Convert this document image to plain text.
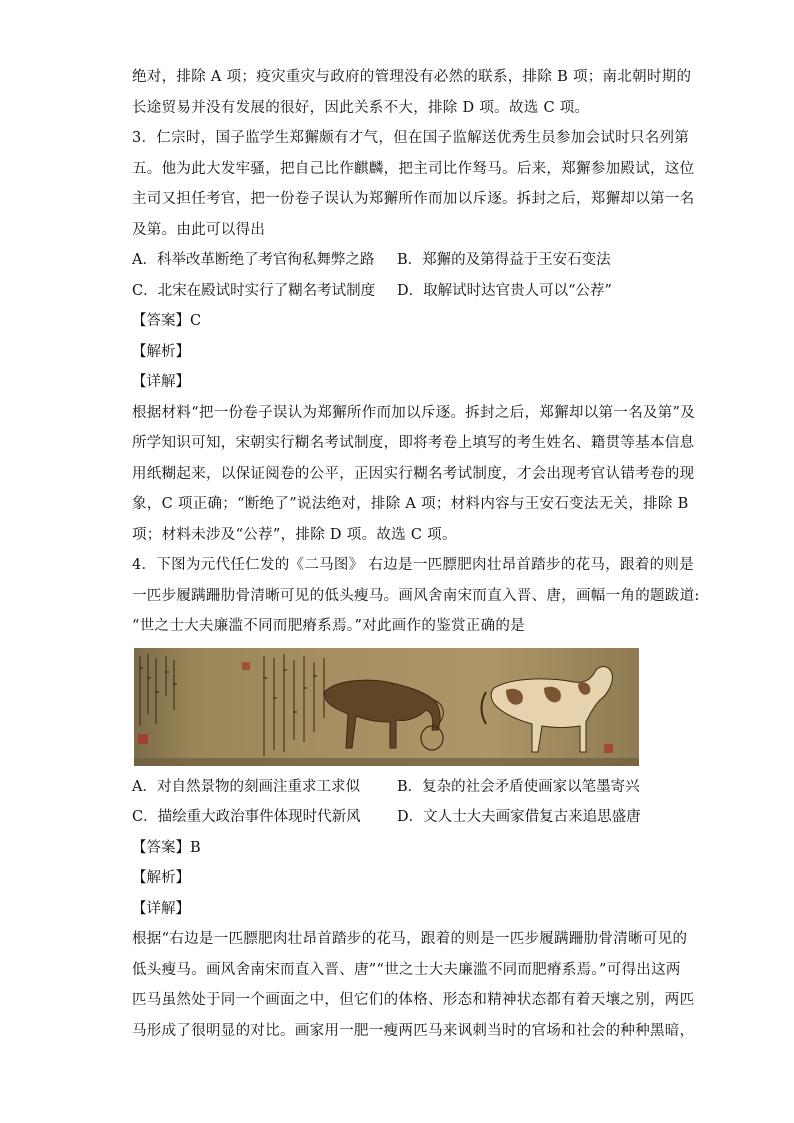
绝对，排除 A 项；疫灾重灾与政府的管理没有必然的联系，排除 B 项；南北朝时期的

长途贸易并没有发展的很好，因此关系不大，排除 D 项。故选 C 项。

3．仁宗时，国子监学生郑獬颇有才气，但在国子监解送优秀生员参加会试时只名列第

五。他为此大发牢骚，把自己比作麒麟，把主司比作驽马。后来，郑獬参加殿试，这位

主司又担任考官，把一份卷子误认为郑獬所作而加以斥逐。拆封之后，郑獬却以第一名

及第。由此可以得出

A．科举改革断绝了考官徇私舞弊之路	B．郑獬的及第得益于王安石变法
C．北宋在殿试时实行了糊名考试制度	D．取解试时达官贵人可以“公荐”

【答案】C

【解析】

【详解】

根据材料“把一份卷子误认为郑獬所作而加以斥逐。拆封之后，郑獬却以第一名及第”及

所学知识可知，宋朝实行糊名考试制度，即将考卷上填写的考生姓名、籍贯等基本信息

用纸糊起来，以保证阅卷的公平，正因实行糊名考试制度，才会出现考官认错考卷的现

象，C 项正确；“断绝了”说法绝对，排除 A 项；材料内容与王安石变法无关，排除 B

项；材料未涉及“公荐”，排除 D 项。故选 C 项。

4．下图为元代任仁发的《二马图》 右边是一匹膘肥肉壮昂首踏步的花马，跟着的则是

一匹步履蹒跚肋骨清晰可见的低头瘦马。画风舍南宋而直入晋、唐，画幅一角的题跋道:

“世之士大夫廉滥不同而肥瘠系焉。”对此画作的鉴赏正确的是

A．对自然景物的刻画注重求工求似	B．复杂的社会矛盾使画家以笔墨寄兴
C．描绘重大政治事件体现时代新风	D．文人士大夫画家借复古来追思盛唐

【答案】B

【解析】

【详解】

根据“右边是一匹膘肥肉壮昂首踏步的花马，跟着的则是一匹步履蹒跚肋骨清晰可见的

低头瘦马。画风舍南宋而直入晋、唐”“世之士大夫廉滥不同而肥瘠系焉。”可得出这两

匹马虽然处于同一个画面之中，但它们的体格、形态和精神状态都有着天壤之别，两匹

马形成了很明显的对比。画家用一肥一瘦两匹马来讽刺当时的官场和社会的种种黑暗，
